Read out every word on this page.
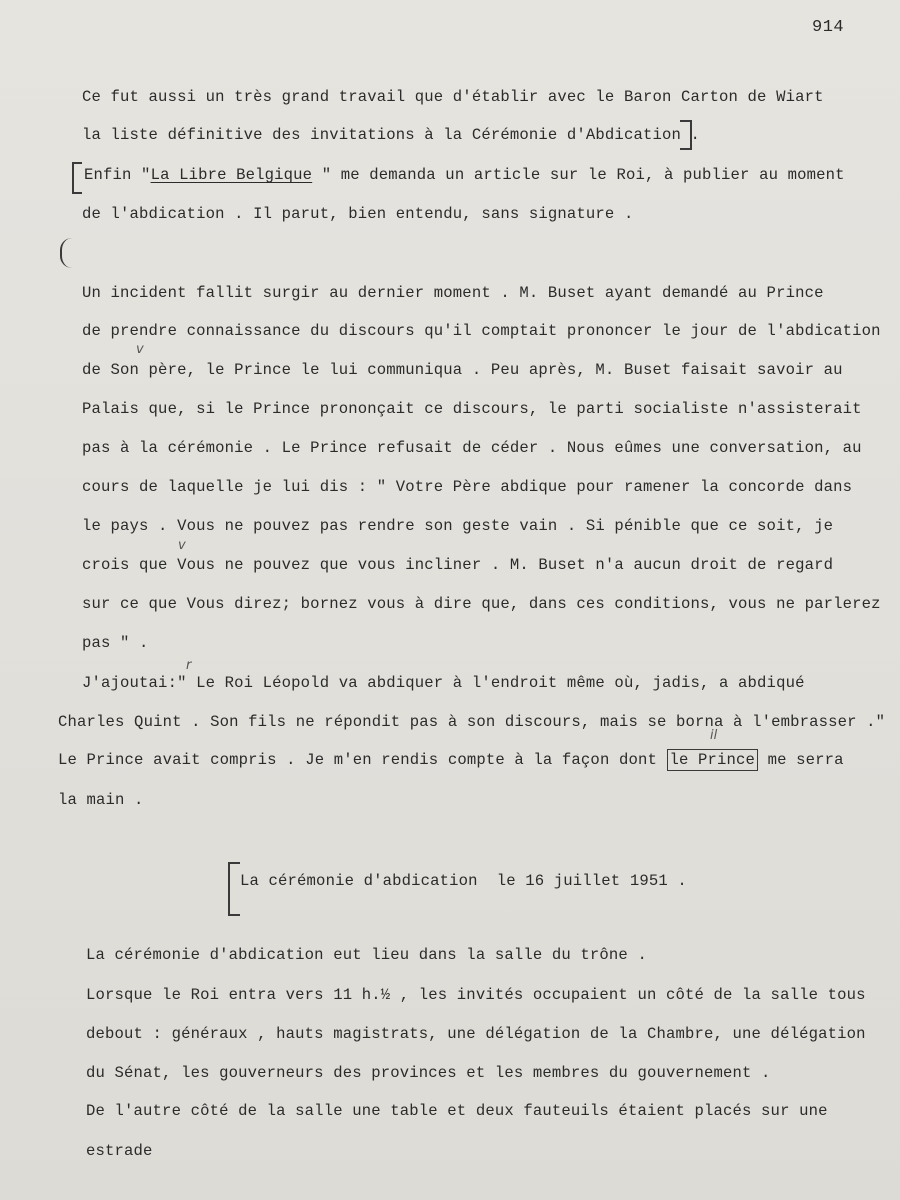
914
Ce fut aussi un très grand travail que d'établir avec le Baron Carton de Wiart
la liste définitive des invitations à la Cérémonie d'Abdication .
Enfin "La Libre Belgique " me demanda un article sur le Roi, à publier au moment
de l'abdication . Il parut, bien entendu, sans signature .
Un incident fallit surgir au dernier moment . M. Buset ayant demandé au Prince
de prendre connaissance du discours qu'il comptait prononcer le jour de l'abdication
v
de Son père, le Prince le lui communiqua . Peu après, M. Buset faisait savoir au
Palais que, si le Prince prononçait ce discours, le parti socialiste n'assisterait
pas à la cérémonie . Le Prince refusait de céder . Nous eûmes une conversation, au
cours de laquelle je lui dis : " Votre Père abdique pour ramener la concorde dans
le pays . Vous ne pouvez pas rendre son geste vain . Si pénible que ce soit, je
v
crois que Vous ne pouvez que vous incliner . M. Buset n'a aucun droit de regard
sur ce que Vous direz; bornez vous à dire que, dans ces conditions, vous ne parlerez
pas " .
r
J'ajoutai:" Le Roi Léopold va abdiquer à l'endroit même où, jadis, a abdiqué
Charles Quint . Son fils ne répondit pas à son discours, mais se borna à l'embrasser ."
il
Le Prince avait compris . Je m'en rendis compte à la façon dont le Prince me serra
la main .
La cérémonie d'abdication  le 16 juillet 1951 .
La cérémonie d'abdication eut lieu dans la salle du trône .
Lorsque le Roi entra vers 11 h.½ , les invités occupaient un côté de la salle tous
debout : généraux , hauts magistrats, une délégation de la Chambre, une délégation
du Sénat, les gouverneurs des provinces et les membres du gouvernement .
De l'autre côté de la salle une table et deux fauteuils étaient placés sur une
estrade
